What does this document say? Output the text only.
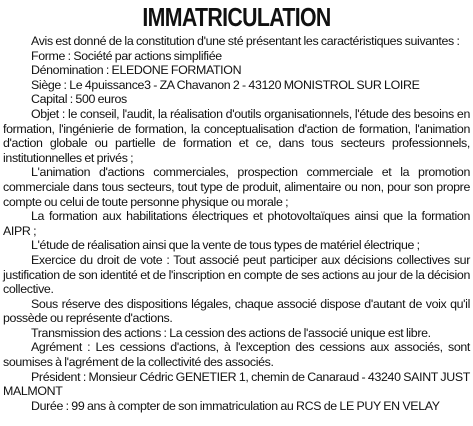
IMMATRICULATION

Avis est donné de la constitution d'une sté présentant les caractéristiques suivantes :

Forme : Société par actions simplifiée

Dénomination : ELEDONE FORMATION

Siège : Le 4puissance3 - ZA Chavanon 2 - 43120 MONISTROL SUR LOIRE

Capital : 500 euros

Objet : le conseil, l'audit, la réalisation d'outils organisationnels, l'étude des besoins en formation, l'ingénierie de formation, la conceptualisation d'action de formation, l'animation d'action globale ou partielle de formation et ce, dans tous secteurs professionnels, institutionnelles et privés ;

L'animation d'actions commerciales, prospection commerciale et la promotion commerciale dans tous secteurs, tout type de produit, alimentaire ou non, pour son propre compte ou celui de toute personne physique ou morale ;

La formation aux habilitations électriques et photovoltaïques ainsi que la formation AIPR ;

L'étude de réalisation ainsi que la vente de tous types de matériel électrique ;

Exercice du droit de vote : Tout associé peut participer aux décisions collectives sur justification de son identité et de l'inscription en compte de ses actions au jour de la décision collective.

Sous réserve des dispositions légales, chaque associé dispose d'autant de voix qu'il possède ou représente d'actions.

Transmission des actions : La cession des actions de l'associé unique est libre.

Agrément : Les cessions d'actions, à l'exception des cessions aux associés, sont soumises à l'agrément de la collectivité des associés.

Président : Monsieur Cédric GENETIER 1, chemin de Canaraud - 43240 SAINT JUST MALMONT

Durée : 99 ans à compter de son immatriculation au RCS de LE PUY EN VELAY
